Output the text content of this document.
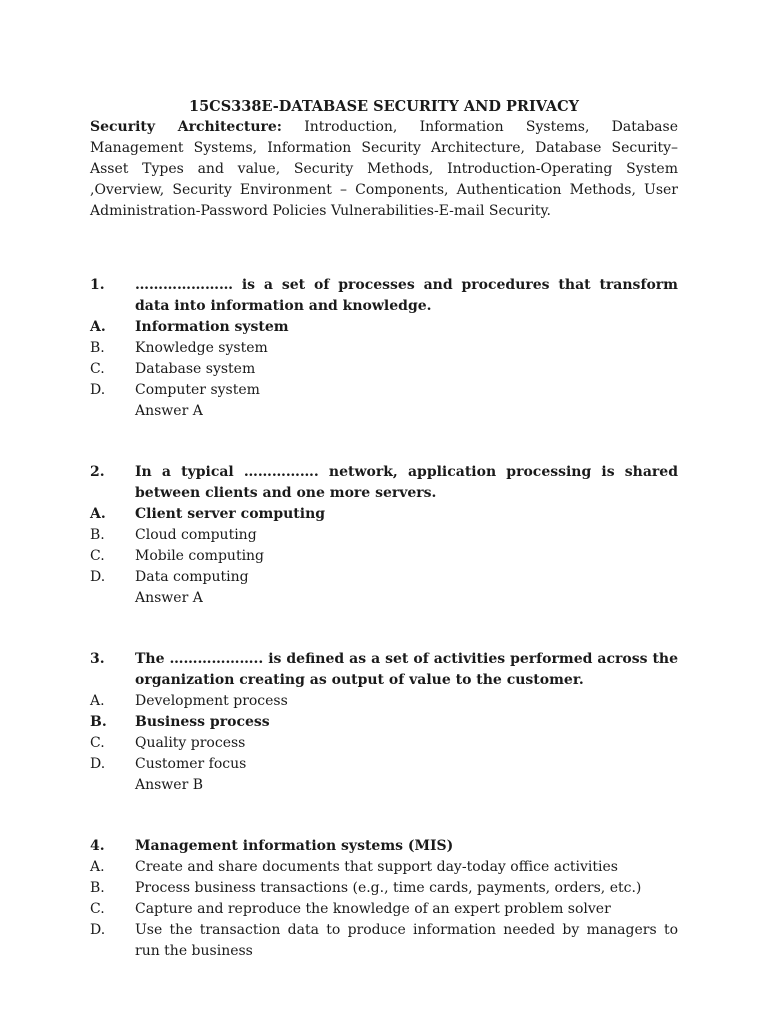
15CS338E-DATABASE SECURITY AND PRIVACY

Security Architecture: Introduction, Information Systems, Database Management Systems, Information Security Architecture, Database Security–Asset Types and value, Security Methods, Introduction-Operating System ,Overview, Security Environment – Components, Authentication Methods, User Administration-Password Policies Vulnerabilities-E-mail Security.

1.	………………… is a set of processes and procedures that transform data into information and knowledge.
A.	Information system
B.	Knowledge system
C.	Database system
D.	Computer system
Answer A
2.	In a typical ……………. network, application processing is shared between clients and one more servers.
A.	Client server computing
B.	Cloud computing
C.	Mobile computing
D.	Data computing
Answer A
3.	The ……………….. is defined as a set of activities performed across the organization creating as output of value to the customer.
A.	Development process
B.	Business process
C.	Quality process
D.	Customer focus
Answer B
4.	Management information systems (MIS)
A.	Create and share documents that support day-today office activities
B.	Process business transactions (e.g., time cards, payments, orders, etc.)
C.	Capture and reproduce the knowledge of an expert problem solver
D.	Use the transaction data to produce information needed by managers to run the business
